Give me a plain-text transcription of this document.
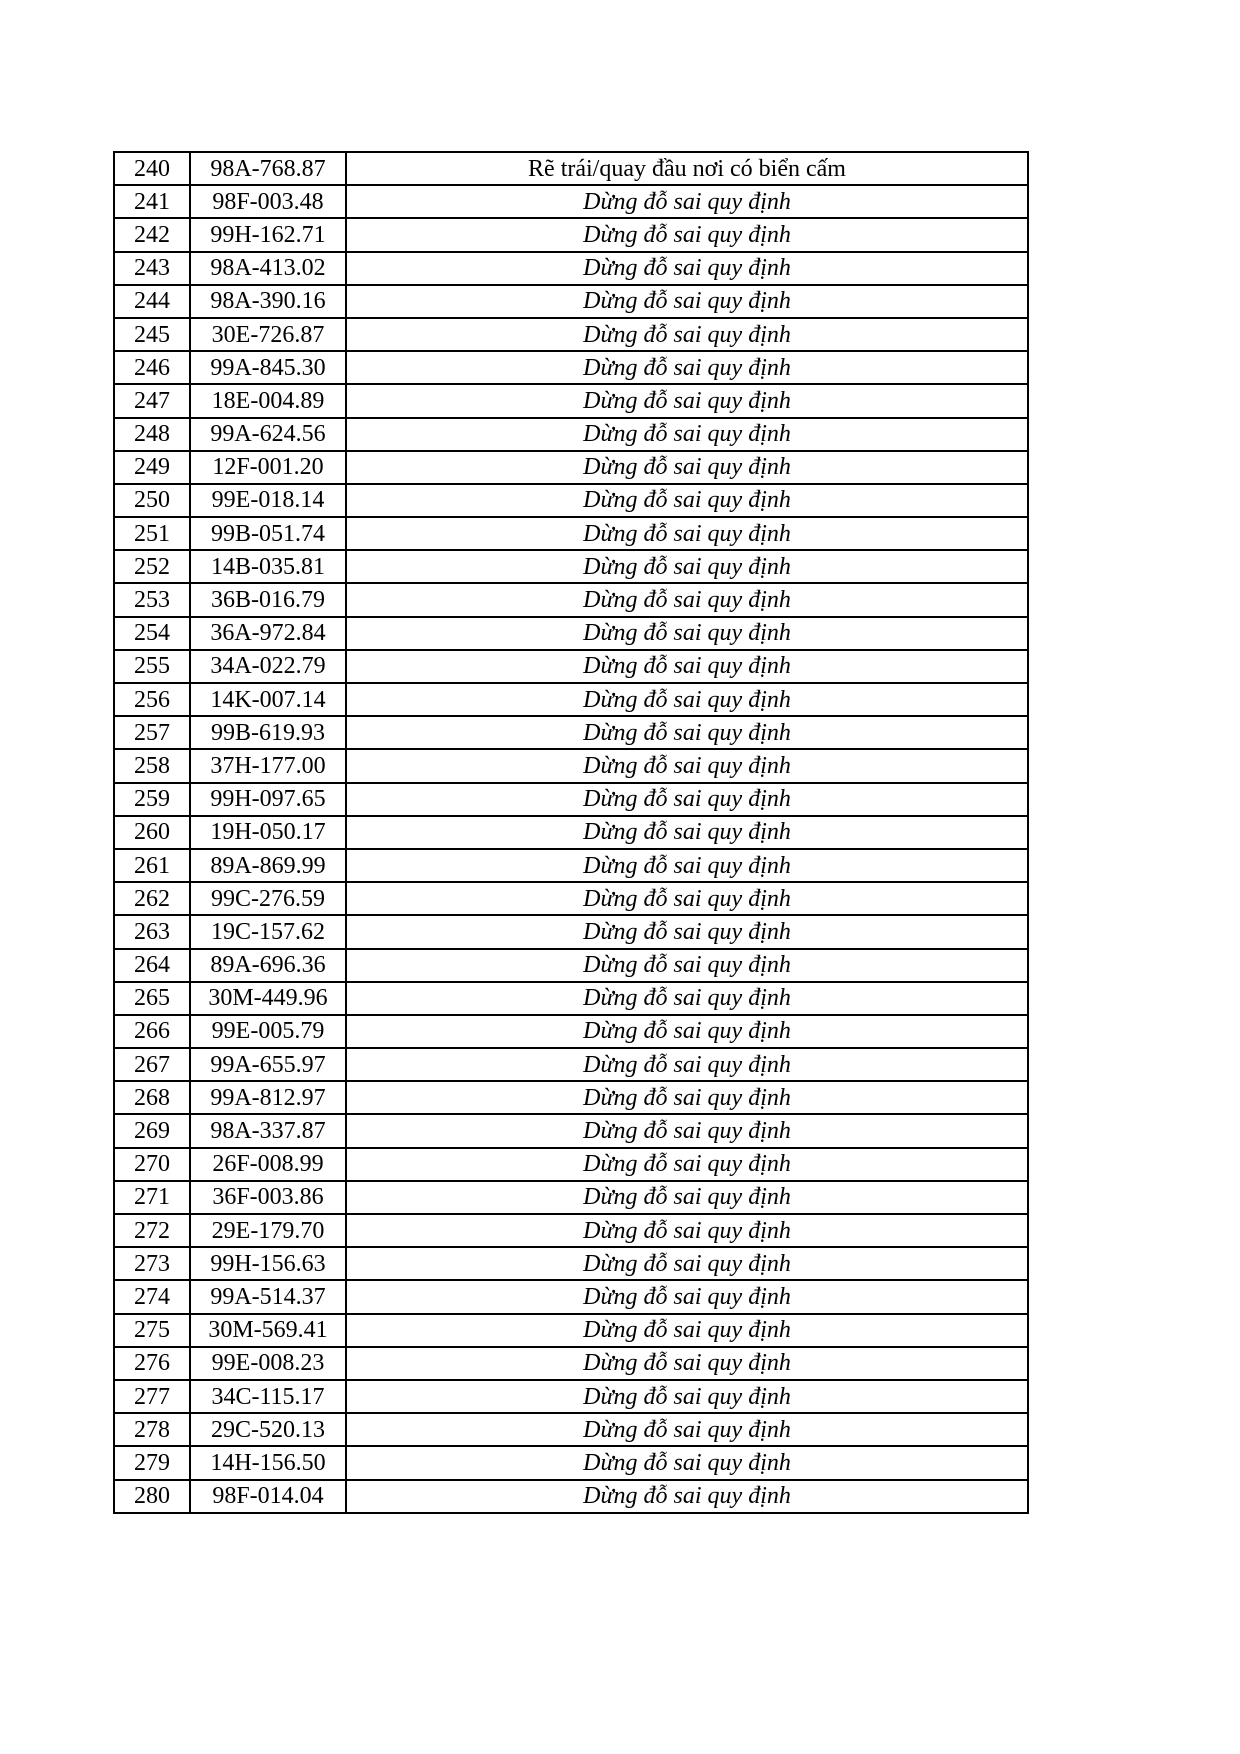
240	98A-768.87	Rẽ trái/quay đầu nơi có biển cấm
241	98F-003.48	Dừng đỗ sai quy định
242	99H-162.71	Dừng đỗ sai quy định
243	98A-413.02	Dừng đỗ sai quy định
244	98A-390.16	Dừng đỗ sai quy định
245	30E-726.87	Dừng đỗ sai quy định
246	99A-845.30	Dừng đỗ sai quy định
247	18E-004.89	Dừng đỗ sai quy định
248	99A-624.56	Dừng đỗ sai quy định
249	12F-001.20	Dừng đỗ sai quy định
250	99E-018.14	Dừng đỗ sai quy định
251	99B-051.74	Dừng đỗ sai quy định
252	14B-035.81	Dừng đỗ sai quy định
253	36B-016.79	Dừng đỗ sai quy định
254	36A-972.84	Dừng đỗ sai quy định
255	34A-022.79	Dừng đỗ sai quy định
256	14K-007.14	Dừng đỗ sai quy định
257	99B-619.93	Dừng đỗ sai quy định
258	37H-177.00	Dừng đỗ sai quy định
259	99H-097.65	Dừng đỗ sai quy định
260	19H-050.17	Dừng đỗ sai quy định
261	89A-869.99	Dừng đỗ sai quy định
262	99C-276.59	Dừng đỗ sai quy định
263	19C-157.62	Dừng đỗ sai quy định
264	89A-696.36	Dừng đỗ sai quy định
265	30M-449.96	Dừng đỗ sai quy định
266	99E-005.79	Dừng đỗ sai quy định
267	99A-655.97	Dừng đỗ sai quy định
268	99A-812.97	Dừng đỗ sai quy định
269	98A-337.87	Dừng đỗ sai quy định
270	26F-008.99	Dừng đỗ sai quy định
271	36F-003.86	Dừng đỗ sai quy định
272	29E-179.70	Dừng đỗ sai quy định
273	99H-156.63	Dừng đỗ sai quy định
274	99A-514.37	Dừng đỗ sai quy định
275	30M-569.41	Dừng đỗ sai quy định
276	99E-008.23	Dừng đỗ sai quy định
277	34C-115.17	Dừng đỗ sai quy định
278	29C-520.13	Dừng đỗ sai quy định
279	14H-156.50	Dừng đỗ sai quy định
280	98F-014.04	Dừng đỗ sai quy định
